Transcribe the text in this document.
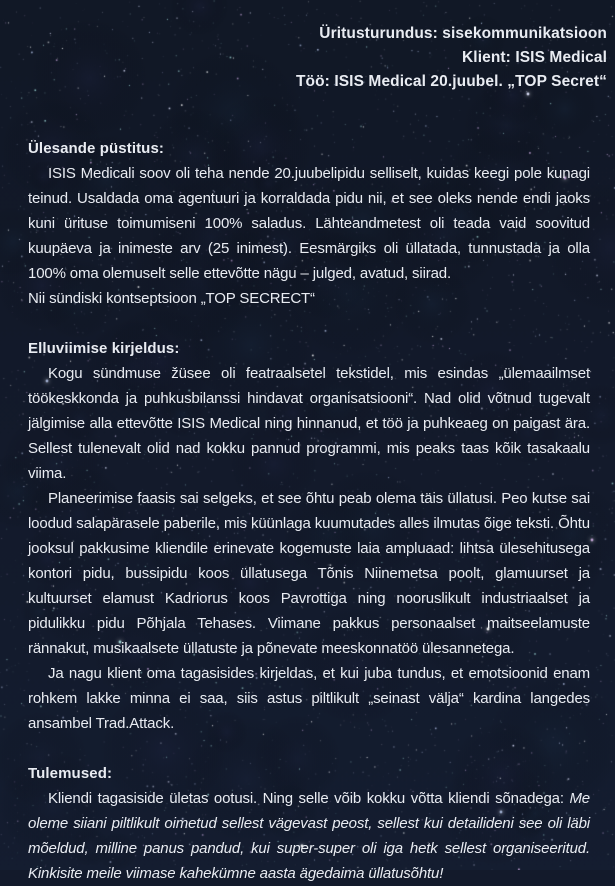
Üritusturundus: sisekommunikatsioon
Klient: ISIS Medical
Töö: ISIS Medical 20.juubel. „TOP Secret“
Ülesande püstitus:

ISIS Medicali soov oli teha nende 20.juubelipidu selliselt, kuidas keegi pole kunagi teinud. Usaldada oma agentuuri ja korraldada pidu nii, et see oleks nende endi jaoks kuni ürituse toimumiseni 100% saladus. Lähteandmetest oli teada vaid soovitud kuupäeva ja inimeste arv (25 inimest). Eesmärgiks oli üllatada, tunnustada ja olla 100% oma olemuselt selle ettevõtte nägu – julged, avatud, siirad.

Nii sündiski kontseptsioon „TOP SECRECT“

Elluviimise kirjeldus:

Kogu sündmuse žüsee oli featraalsetel tekstidel, mis esindas „ülemaailmset töökeskkonda ja puhkusbilanssi hindavat organisatsiooni“. Nad olid võtnud tugevalt jälgimise alla ettevõtte ISIS Medical ning hinnanud, et töö ja puhkeaeg on paigast ära. Sellest tulenevalt olid nad kokku pannud programmi, mis peaks taas kõik tasakaalu viima.

Planeerimise faasis sai selgeks, et see õhtu peab olema täis üllatusi. Peo kutse sai loodud salapärasele paberile, mis küünlaga kuumutades alles ilmutas õige teksti. Õhtu jooksul pakkusime kliendile erinevate kogemuste laia ampluaad: lihtsa ülesehitusega kontori pidu, bussipidu koos üllatusega Tõnis Niinemetsa poolt, glamuurset ja kultuurset elamust Kadriorus koos Pavrottiga ning nooruslikult industriaalset ja pidulikku pidu Põhjala Tehases. Viimane pakkus personaalset maitseelamuste rännakut, musikaalsete üllatuste ja põnevate meeskonnatöö ülesannetega.

Ja nagu klient oma tagasisides kirjeldas, et kui juba tundus, et emotsioonid enam rohkem lakke minna ei saa, siis astus piltlikult „seinast välja“ kardina langedes ansambel Trad.Attack.

Tulemused:

Kliendi tagasiside ületas ootusi. Ning selle võib kokku võtta kliendi sõnadega: Me oleme siiani piltlikult oimetud sellest vägevast peost, sellest kui detailideni see oli läbi mõeldud, milline panus pandud, kui super-super oli iga hetk sellest organiseeritud. Kinkisite meile viimase kahekümne aasta ägedaima üllatusõhtu!
